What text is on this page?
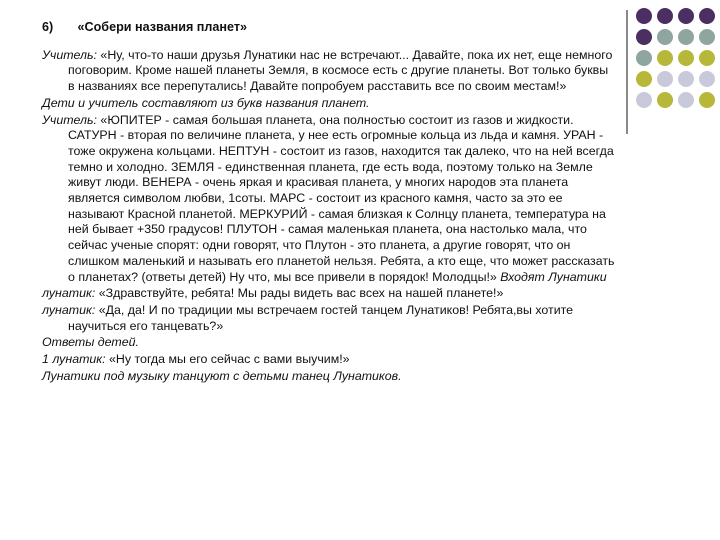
6) «Собери названия планет»
Учитель: «Ну, что-то наши друзья Лунатики нас не встречают... Давайте, пока их нет, еще немного поговорим. Кроме нашей планеты Земля, в космосе есть с другие планеты. Вот только буквы в названиях все перепутались! Давайте попробуем расставить все по своим местам!»
Дети и учитель составляют из букв названия планет.
Учитель: «ЮПИТЕР - самая большая планета, она полностью состоит из газов и жидкости. САТУРН - вторая по величине планета, у нее есть огромные кольца из льда и камня. УРАН - тоже окружена кольцами. НЕПТУН - состоит из газов, находится так далеко, что на ней всегда темно и холодно. ЗЕМЛЯ - единственная планета, где есть вода, поэтому только на Земле живут люди. ВЕНЕРА - очень яркая и красивая планета, у многих народов эта планета является символом любви, 1соты. МАРС - состоит из красного камня, часто за это ее называют Красной планетой. МЕРКУРИЙ - самая близкая к Солнцу планета, температура на ней бывает +350 градусов! ПЛУТОН - самая маленькая планета, она настолько мала, что сейчас ученые спорят: одни говорят, что Плутон - это планета, а другие говорят, что он слишком маленький и называть его планетой нельзя. Ребята, а кто еще, что может рассказать о планетах? (ответы детей) Ну что, мы все привели в порядок! Молодцы!» Входят Лунатики
лунатик: «Здравствуйте, ребята! Мы рады видеть вас всех на нашей планете!»
лунатик: «Да, да! И по традиции мы встречаем гостей танцем Лунатиков! Ребята,вы хотите научиться его танцевать?»
Ответы детей.
1 лунатик: «Ну тогда мы его сейчас с вами выучим!»
Лунатики под музыку танцуют с детьми танец Лунатиков.
